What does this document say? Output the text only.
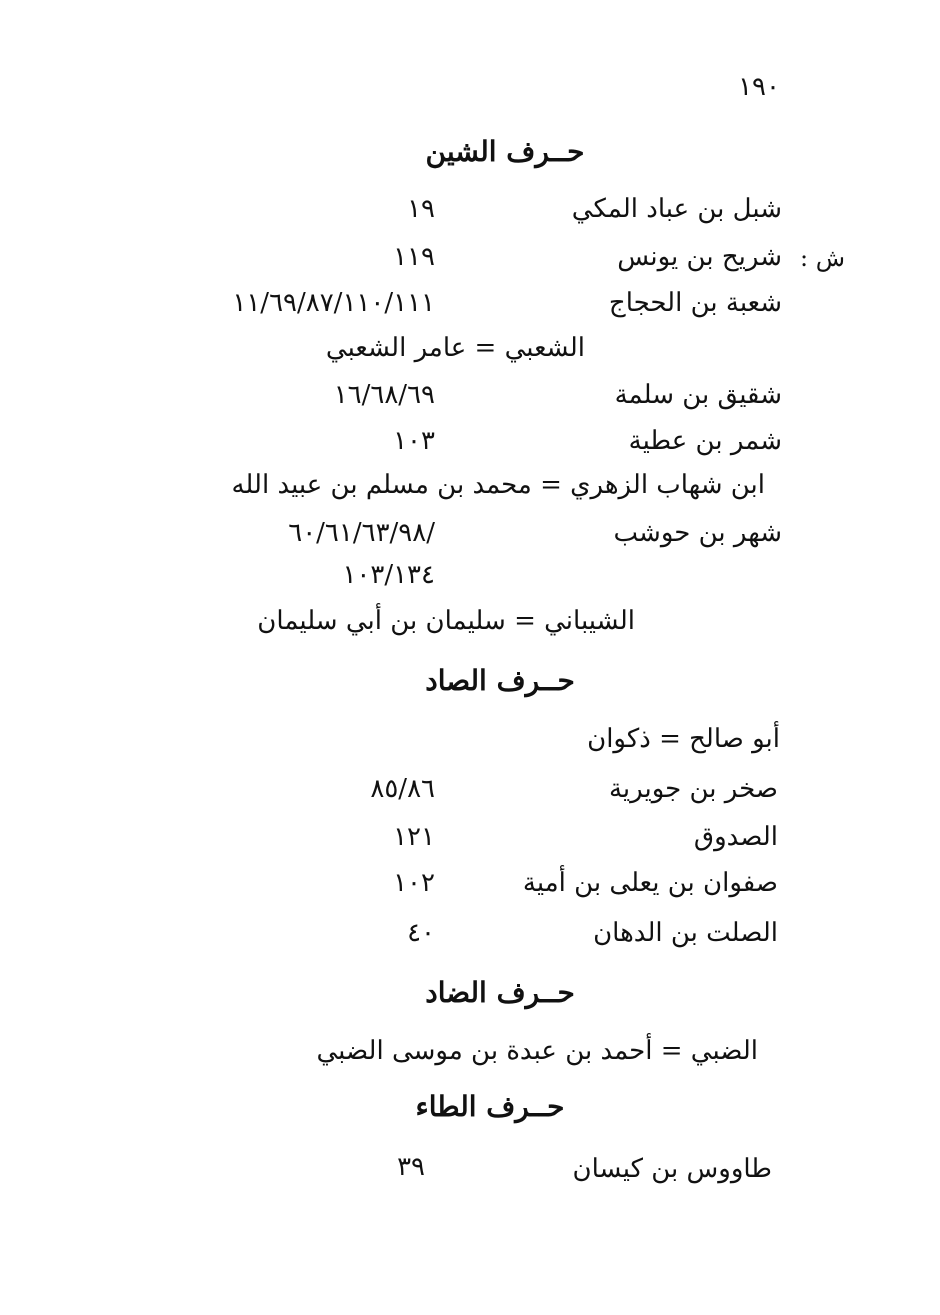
١٩٠
حــرف الشين
شبل بن عباد المكي
١٩
ش :
شريح بن يونس
١١٩
شعبة بن الحجاج
١١/٦٩/٨٧/١١٠/١١١
الشعبي = عامر الشعبي
شقيق بن سلمة
١٦/٦٨/٦٩
شمر بن عطية
١٠٣
ابن شهاب الزهري = محمد بن مسلم بن عبيد الله
شهر بن حوشب
٦٠/٦١/٦٣/٩٨/
١٠٣/١٣٤
الشيباني = سليمان بن أبي سليمان
حــرف الصاد
أبو صالح = ذكوان
صخر بن جويرية
٨٥/٨٦
الصدوق
١٢١
صفوان بن يعلى بن أمية
١٠٢
الصلت بن الدهان
٤٠
حــرف الضاد
الضبي = أحمد بن عبدة بن موسى الضبي
حــرف الطاء
طاووس بن كيسان
٣٩
